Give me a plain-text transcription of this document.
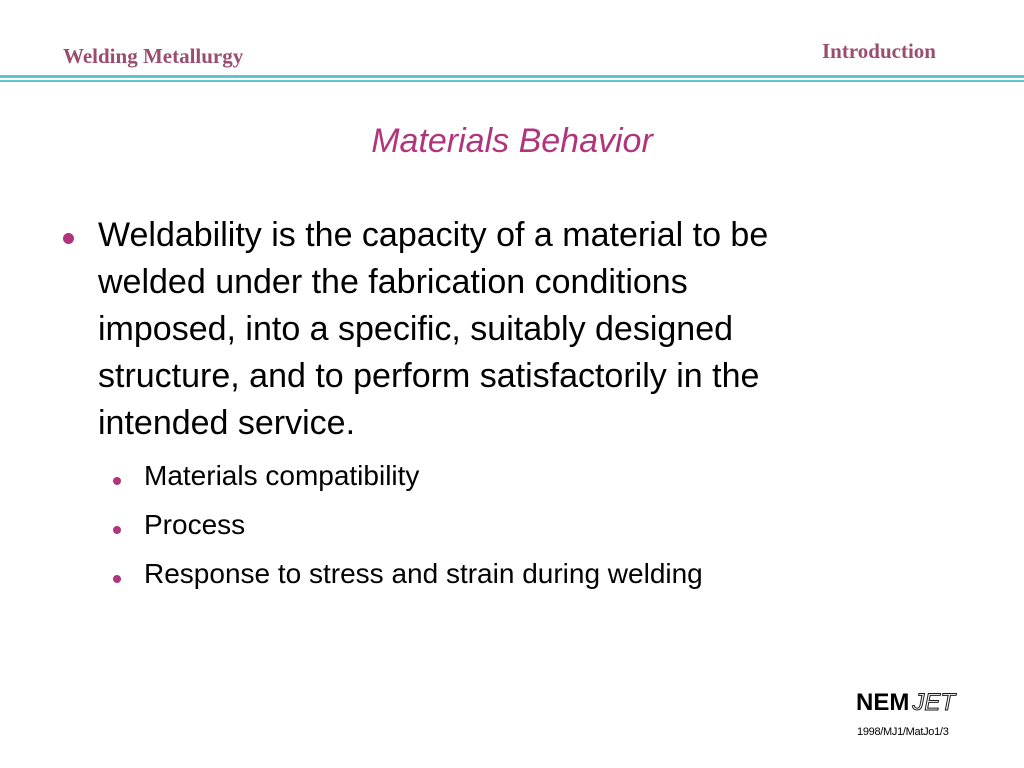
Welding Metallurgy	Introduction
Materials Behavior
Weldability is the capacity of a material to be
welded under the fabrication conditions
imposed, into a specific, suitably designed
structure, and to perform satisfactorily in the
intended service.
Materials compatibility
Process
Response to stress and strain during welding
NEM JET
1998/MJ1/MatJo1/3
